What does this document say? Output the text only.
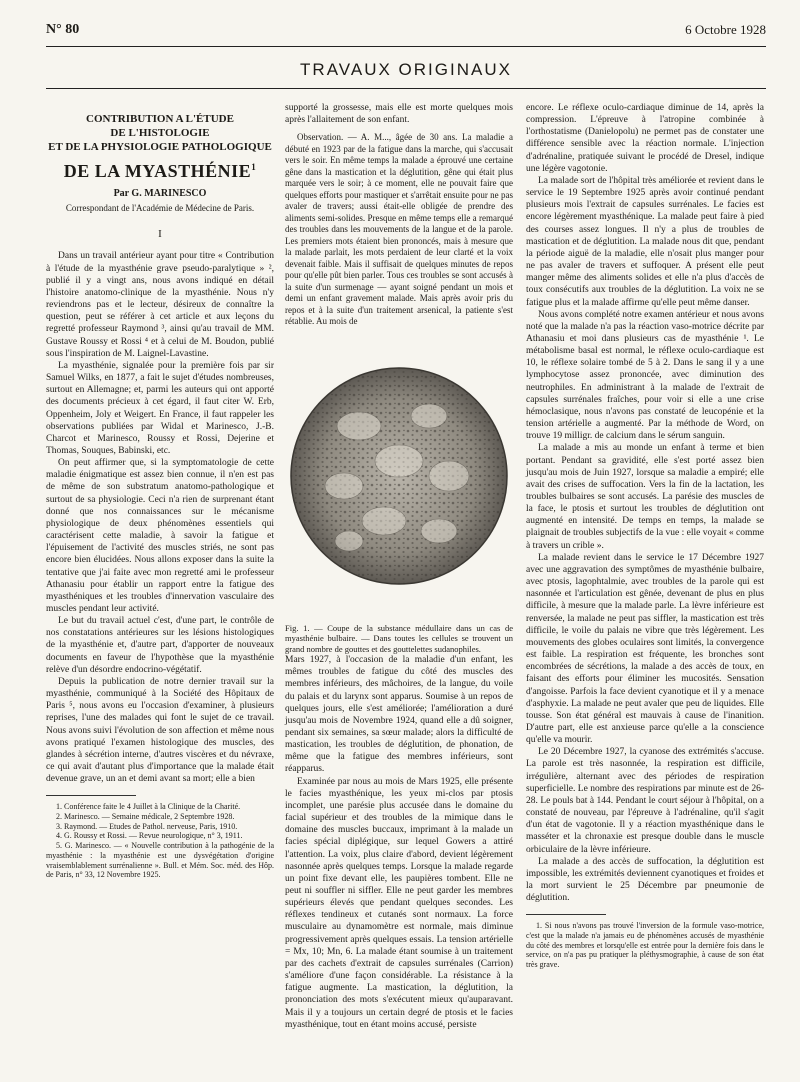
N° 80	6 Octobre 1928
TRAVAUX ORIGINAUX
CONTRIBUTION A L'ÉTUDE
DE L'HISTOLOGIE
ET DE LA PHYSIOLOGIE PATHOLOGIQUE
DE LA MYASTHÉNIE$^1$
Par G. MARINESCO
Correspondant de l'Académie de Médecine de Paris.
I

Dans un travail antérieur ayant pour titre « Contribution à l'étude de la myasthénie grave pseudo-paralytique » ², publié il y a vingt ans, nous avons indiqué en détail l'histoire anatomo-clinique de la myasthénie. Nous n'y reviendrons pas et le lecteur, désireux de connaître la question, peut se référer à cet article et aux leçons du regretté professeur Raymond ³, ainsi qu'au travail de MM. Gustave Roussy et Rossi ⁴ et à celui de M. Boudon, publié sous l'inspiration de M. Laignel-Lavastine.

La myasthénie, signalée pour la première fois par sir Samuel Wilks, en 1877, a fait le sujet d'études nombreuses, surtout en Allemagne; et, parmi les auteurs qui ont apporté des documents précieux à cet égard, il faut citer W. Erb, Oppenheim, Joly et Weigert. En France, il faut rappeler les observations publiées par Widal et Marinesco, J.-B. Charcot et Marinesco, Roussy et Rossi, Dejerine et Thomas, Souques, Babinski, etc.

On peut affirmer que, si la symptomatologie de cette maladie énigmatique est assez bien connue, il n'en est pas de même de son substratum anatomo-pathologique et surtout de sa physiologie. Ceci n'a rien de surprenant étant donné que nos connaissances sur le mécanisme physiologique de deux phénomènes essentiels qui caractérisent cette maladie, à savoir la fatigue et l'épuisement de l'activité des muscles striés, ne sont pas encore bien élucidées. Nous allons exposer dans la suite la tentative que j'ai faite avec mon regretté ami le professeur Athanasiu pour établir un rapport entre la fatigue des myasthéniques et les troubles d'innervation vasculaire des muscles pendant leur activité.

Le but du travail actuel c'est, d'une part, le contrôle de nos constatations antérieures sur les lésions histologiques de la myasthénie et, d'autre part, d'apporter de nouveaux documents en faveur de l'hypothèse que la myasthénie relève d'un désordre endocrino-végétatif.

Depuis la publication de notre dernier travail sur la myasthénie, communiqué à la Société des Hôpitaux de Paris ⁵, nous avons eu l'occasion d'examiner, à plusieurs reprises, l'une des malades qui font le sujet de ce travail. Nous avons suivi l'évolution de son affection et même nous avons pratiqué l'examen histologique des muscles, des glandes à sécrétion interne, d'autres viscères et du névraxe, ce qui avait d'autant plus d'importance que la malade était devenue grave, un an et demi avant sa mort; elle a bien

1. Conférence faite le 4 Juillet à la Clinique de la Charité.

2. Marinesco. — Semaine médicale, 2 Septembre 1928.

3. Raymond. — Etudes de Pathol. nerveuse, Paris, 1910.

4. G. Roussy et Rossi. — Revue neurologique, n° 3, 1911.

5. G. Marinesco. — « Nouvelle contribution à la pathogénie de la myasthénie : la myasthénie est une dysvégétation d'origine vraisemblablement surrénalienne ». Bull. et Mém. Soc. méd. des Hôp. de Paris, n° 33, 12 Novembre 1925.

supporté la grossesse, mais elle est morte quelques mois après l'allaitement de son enfant.

Observation. — A. M..., âgée de 30 ans. La maladie a débuté en 1923 par de la fatigue dans la marche, qui s'accusait vers le soir. En même temps la malade a éprouvé une certaine gêne dans la mastication et la déglutition, gêne qui était plus marquée vers le soir; à ce moment, elle ne pouvait faire que quelques efforts pour mastiquer et s'arrêtait ensuite pour ne pas avaler de travers; aussi était-elle obligée de prendre des aliments semi-solides. Presque en même temps elle a remarqué des troubles dans les mouvements de la langue et de la parole. Les premiers mots étaient bien prononcés, mais à mesure que la malade parlait, les mots perdaient de leur clarté et la voix devenait faible. Mais il suffisait de quelques minutes de repos pour qu'elle pût bien parler. Tous ces troubles se sont accusés à la suite d'un surmenage — ayant soigné pendant un mois et demi un enfant gravement malade. Mais après avoir pris du repos et à la suite d'un traitement arsenical, la patiente s'est rétablie. Au mois de

Fig. 1. — Coupe de la substance médullaire dans un cas de myasthénie bulbaire. — Dans toutes les cellules se trouvent un grand nombre de gouttes et des gouttelettes sudanophiles.

Mars 1927, à l'occasion de la maladie d'un enfant, les mêmes troubles de fatigue du côté des muscles des membres inférieurs, des mâchoires, de la langue, du voile du palais et du larynx sont apparus. Soumise à un repos de quelques jours, elle s'est améliorée; l'amélioration a duré jusqu'au mois de Novembre 1924, quand elle a dû soigner, pendant six semaines, sa sœur malade; alors la difficulté de mastication, les troubles de déglutition, de phonation, de même que la fatigue des membres inférieurs, sont réapparus.

Examinée par nous au mois de Mars 1925, elle présente le facies myasthénique, les yeux mi-clos par ptosis incomplet, une parésie plus accusée dans le domaine du facial supérieur et des troubles de la mimique dans le domaine des muscles buccaux, imprimant à la malade un facies spécial diplégique, sur lequel Gowers a attiré l'attention. La voix, plus claire d'abord, devient légèrement nasonnée après quelques temps. Lorsque la malade regarde un point fixe devant elle, les paupières tombent. Elle ne peut ni souffler ni siffler. Elle ne peut garder les membres supérieurs élevés que pendant quelques secondes. Les réflexes tendineux et cutanés sont normaux. La force musculaire au dynamomètre est normale, mais diminue progressivement après quelques essais. La tension artérielle = Mx, 10; Mn, 6. La malade étant soumise à un traitement par des cachets d'extrait de capsules surrénales (Carrion) s'améliore d'une façon considérable. La résistance à la fatigue augmente. La mastication, la déglutition, la prononciation des mots s'exécutent mieux qu'auparavant. Mais il y a toujours un certain degré de ptosis et le facies myasthénique, tout en étant moins accusé, persiste

encore. Le réflexe oculo-cardiaque diminue de 14, après la compression. L'épreuve à l'atropine combinée à l'orthostatisme (Danielopolu) ne permet pas de constater une différence sensible avec la réaction normale. L'injection d'adrénaline, pratiquée suivant le procédé de Dresel, indique une légère vagotonie.

La malade sort de l'hôpital très améliorée et revient dans le service le 19 Septembre 1925 après avoir continué pendant plusieurs mois l'extrait de capsules surrénales. Le facies est encore légèrement myasthénique. La malade peut faire à pied des courses assez longues. Il n'y a plus de troubles de mastication et de déglutition. La malade nous dit que, pendant la période aiguë de la maladie, elle n'osait plus manger pour ne pas avaler de travers et suffoquer. A présent elle peut manger même des aliments solides et elle n'a plus d'accès de toux consécutifs aux troubles de la déglutition. La voix ne se fatigue plus et la malade affirme qu'elle peut même danser.

Nous avons complété notre examen antérieur et nous avons noté que la malade n'a pas la réaction vaso-motrice décrite par Athanasiu et moi dans plusieurs cas de myasthénie ¹. Le métabolisme basal est normal, le réflexe oculo-cardiaque est 10, le réflexe solaire tombé de 5 à 2. Dans le sang il y a une lymphocytose assez prononcée, avec diminution des neutrophiles. En administrant à la malade de l'extrait de capsules surrénales fraîches, pour voir si elle a une crise hémoclasique, nous n'avons pas constaté de leucopénie et la tension artérielle a augmenté. Par la méthode de Word, on trouve 19 milligr. de calcium dans le sérum sanguin.

La malade a mis au monde un enfant à terme et bien portant. Pendant sa gravidité, elle s'est porté assez bien jusqu'au mois de Juin 1927, lorsque sa maladie a empiré; elle avait des crises de suffocation. Vers la fin de la lactation, les troubles bulbaires se sont accusés. La parésie des muscles de la face, le ptosis et surtout les troubles de déglutition ont augmenté en intensité. De temps en temps, la malade se plaignait de troubles subjectifs de la vue : elle voyait « comme à travers un crible ».

La malade revient dans le service le 17 Décembre 1927 avec une aggravation des symptômes de myasthénie bulbaire, avec ptosis, lagophtalmie, avec troubles de la parole qui est nasonnée et l'articulation est gênée, devenant de plus en plus difficile, à mesure que la malade parle. La lèvre inférieure est renversée, la malade ne peut pas siffler, la mastication est très difficile, le voile du palais ne vibre que très légèrement. Les mouvements des globes oculaires sont limités, la convergence est faible. La respiration est fréquente, les bronches sont encombrées de sécrétions, la malade a des accès de toux, en faisant des efforts pour éliminer les mucosités. Sensation d'angoisse. Parfois la face devient cyanotique et il y a menace d'asphyxie. La malade ne peut avaler que peu de liquides. Elle tousse. Son état général est mauvais à cause de l'inanition. D'autre part, elle est anxieuse parce qu'elle a la conscience qu'elle va mourir.

Le 20 Décembre 1927, la cyanose des extrémités s'accuse. La parole est très nasonnée, la respiration est difficile, irrégulière, alternant avec des périodes de respiration superficielle. Le nombre des respirations par minute est de 26-28. Le pouls bat à 144. Pendant le court séjour à l'hôpital, on a constaté de nouveau, par l'épreuve à l'adrénaline, qu'il s'agit d'un état de vagotonie. Il y a réaction myasthénique dans le masséter et la chronaxie est presque double dans le muscle orbiculaire de la lèvre inférieure.

La malade a des accès de suffocation, la déglutition est impossible, les extrémités deviennent cyanotiques et froides et la mort survient le 25 Décembre par pneumonie de déglutition.

1. Si nous n'avons pas trouvé l'inversion de la formule vaso-motrice, c'est que la malade n'a jamais eu de phénomènes accusés de myasthénie du côté des membres et lorsqu'elle est entrée pour la dernière fois dans le service, on n'a pas pu pratiquer la pléthysmographie, à cause de son état très grave.
